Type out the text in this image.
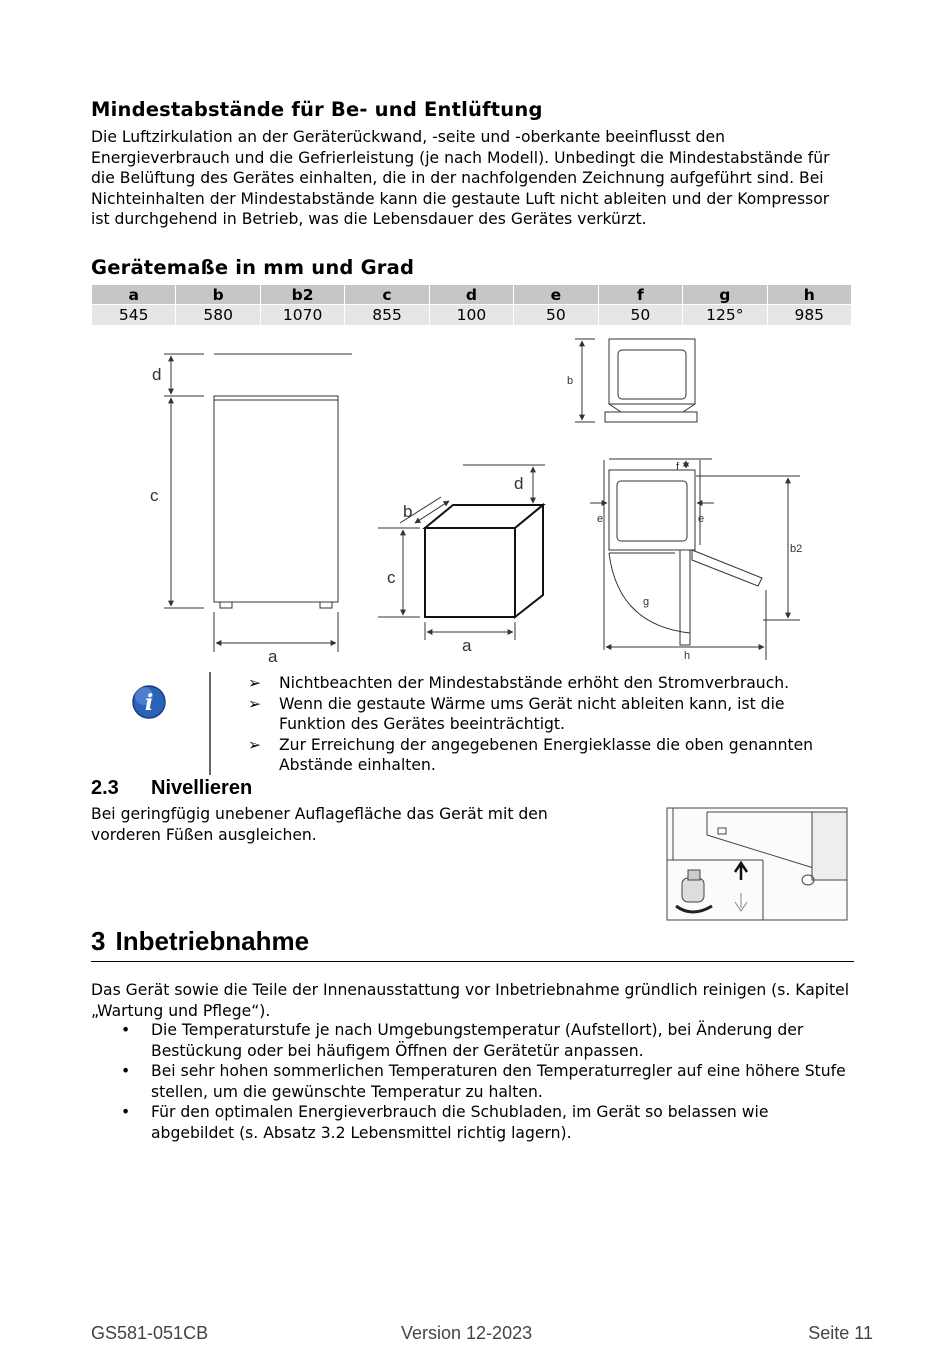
Mindestabstände für Be- und Entlüftung

Die Luftzirkulation an der Geräterückwand, -seite und -oberkante beeinflusst den Energieverbrauch und die Gefrierleistung (je nach Modell). Unbedingt die Mindestabstände für die Belüftung des Gerätes einhalten, die in der nachfolgenden Zeichnung aufgeführt sind. Bei Nichteinhalten der Mindestabstände kann die gestaute Luft nicht ableiten und der Kompressor ist durchgehend in Betrieb, was die Lebensdauer des Gerätes verkürzt.

Gerätemaße in mm und Grad
a	b	b2	c	d	e	f	g	h
545	580	1070	855	100	50	50	125°	985
d
c
a
d
b
c
a
b
f
e	e
b2
g
h
i
➢ Nichtbeachten der Mindestabstände erhöht den Stromverbrauch.
➢ Wenn die gestaute Wärme ums Gerät nicht ableiten kann, ist die Funktion des Gerätes beeinträchtigt.
➢ Zur Erreichung der angegebenen Energieklasse die oben genannten Abstände einhalten.
2.3 Nivellieren

Bei geringfügig unebener Auflagefläche das Gerät mit den vorderen Füßen ausgleichen.

3 Inbetriebnahme

Das Gerät sowie die Teile der Innenausstattung vor Inbetriebnahme gründlich reinigen (s. Kapitel „Wartung und Pflege“).

• Die Temperaturstufe je nach Umgebungstemperatur (Aufstellort), bei Änderung der Bestückung oder bei häufigem Öffnen der Gerätetür anpassen.
• Bei sehr hohen sommerlichen Temperaturen den Temperaturregler auf eine höhere Stufe stellen, um die gewünschte Temperatur zu halten.
• Für den optimalen Energieverbrauch die Schubladen, im Gerät so belassen wie abgebildet (s. Absatz 3.2 Lebensmittel richtig lagern).
GS581-051CB	Version 12-2023	Seite 11
